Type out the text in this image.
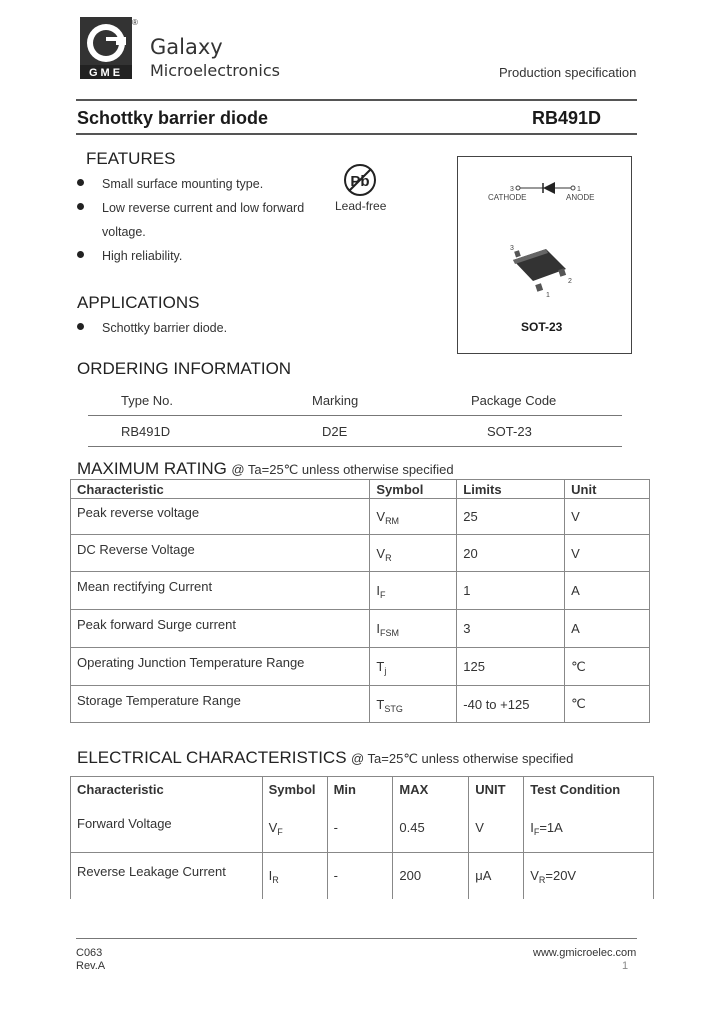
GME
®
Galaxy
Microelectronics	Production specification
Schottky barrier diode	RB491D
FEATURES
Small surface mounting type.
Low reverse current and low forward
voltage.
High reliability.
Pb
Lead-free
3	1
CATHODE	ANODE
3
1
2
SOT-23
APPLICATIONS
Schottky barrier diode.
ORDERING INFORMATION
Type No.	Marking	Package Code
RB491D	D2E	SOT-23
MAXIMUM RATING @ Ta=25℃ unless otherwise specified
Characteristic	Symbol	Limits	Unit
Peak reverse voltage	$V_{RM}$	25	V
DC Reverse Voltage	$V_R$	20	V
Mean rectifying Current	$I_F$	1	A
Peak forward Surge current	$I_{FSM}$	3	A
Operating Junction Temperature Range	$T_j$	125	℃
Storage Temperature Range	$T_{STG}$	-40 to +125	℃
ELECTRICAL CHARACTERISTICS @ Ta=25℃ unless otherwise specified
Characteristic	Symbol	Min	MAX	UNIT	Test Condition
Forward Voltage	$V_F$	-	0.45	V	$I_F=1A$
Reverse Leakage Current	$I_R$	-	200	μA	$V_R=20V$
C063
Rev.A
www.gmicroelec.com
1
